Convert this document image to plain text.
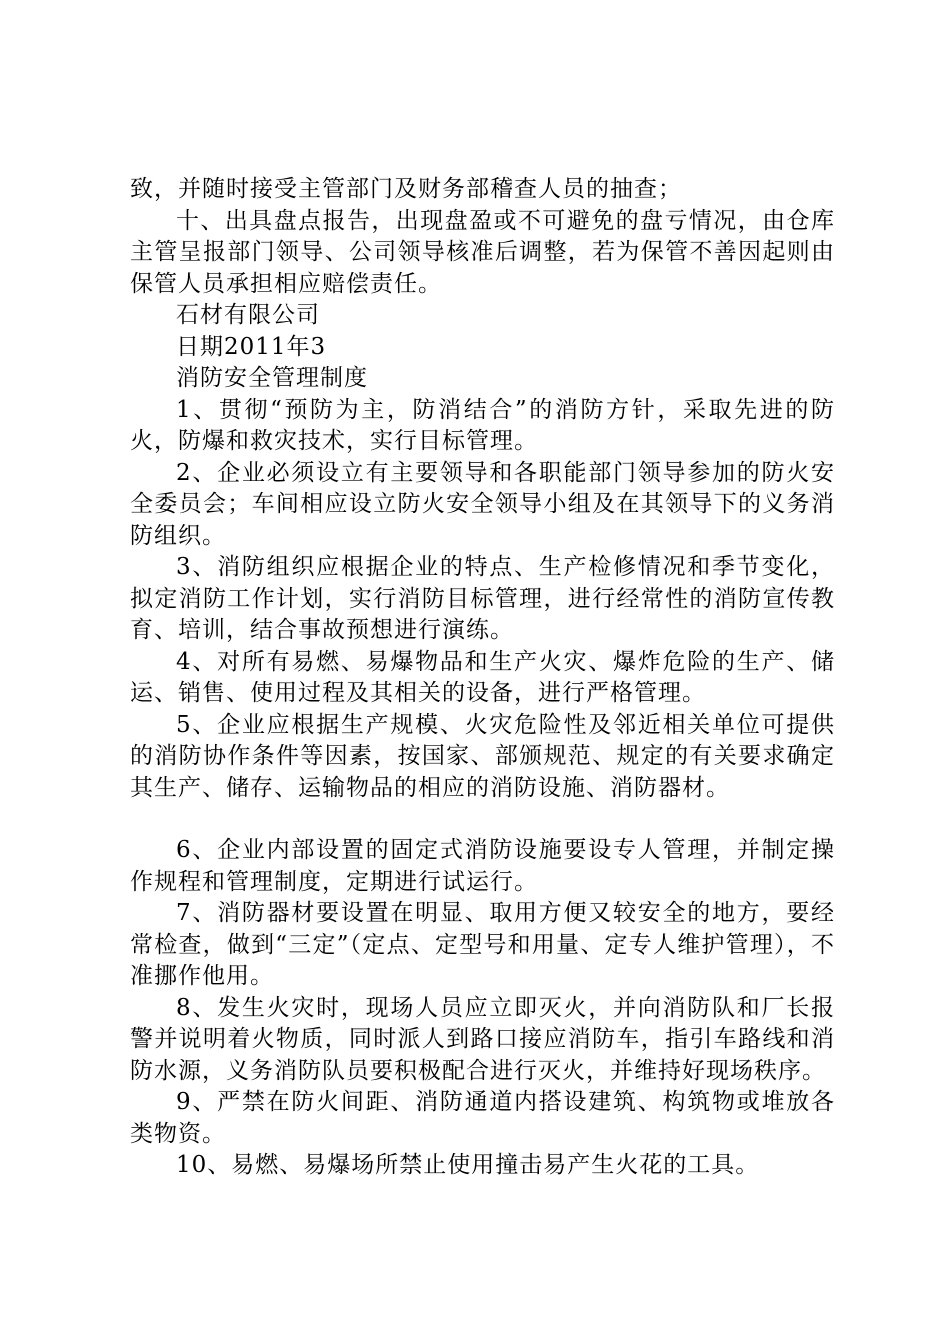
致，并随时接受主管部门及财务部稽查人员的抽查；

十、出具盘点报告，出现盘盈或不可避免的盘亏情况，由仓库主管呈报部门领导、公司领导核准后调整，若为保管不善因起则由保管人员承担相应赔偿责任。

石材有限公司

日期2011年3

消防安全管理制度

1、贯彻“预防为主，防消结合”的消防方针，采取先进的防火，防爆和救灾技术，实行目标管理。

2、企业必须设立有主要领导和各职能部门领导参加的防火安全委员会；车间相应设立防火安全领导小组及在其领导下的义务消防组织。

3、消防组织应根据企业的特点、生产检修情况和季节变化，拟定消防工作计划，实行消防目标管理，进行经常性的消防宣传教育、培训，结合事故预想进行演练。

4、对所有易燃、易爆物品和生产火灾、爆炸危险的生产、储运、销售、使用过程及其相关的设备，进行严格管理。

5、企业应根据生产规模、火灾危险性及邻近相关单位可提供的消防协作条件等因素，按国家、部颁规范、规定的有关要求确定其生产、储存、运输物品的相应的消防设施、消防器材。

6、企业内部设置的固定式消防设施要设专人管理，并制定操作规程和管理制度，定期进行试运行。

7、消防器材要设置在明显、取用方便又较安全的地方，要经常检查，做到“三定”（定点、定型号和用量、定专人维护管理），不准挪作他用。

8、发生火灾时，现场人员应立即灭火，并向消防队和厂长报警并说明着火物质，同时派人到路口接应消防车，指引车路线和消防水源，义务消防队员要积极配合进行灭火，并维持好现场秩序。

9、严禁在防火间距、消防通道内搭设建筑、构筑物或堆放各类物资。

10、易燃、易爆场所禁止使用撞击易产生火花的工具。
